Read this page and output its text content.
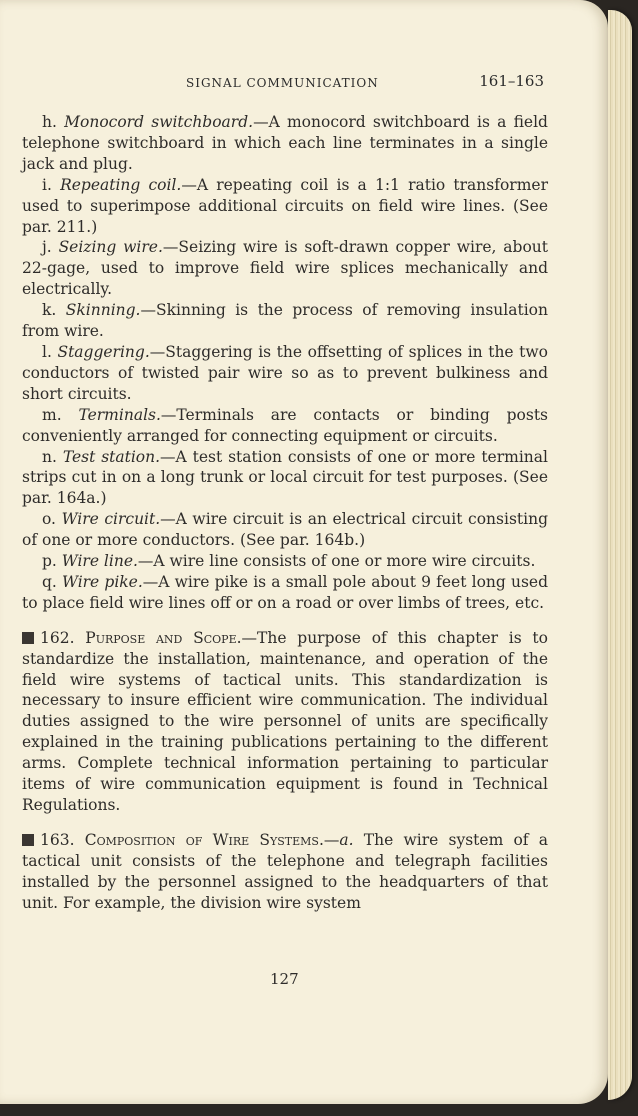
SIGNAL COMMUNICATION	161–163

h. Monocord switchboard.—A monocord switchboard is a field telephone switchboard in which each line terminates in a single jack and plug.

i. Repeating coil.—A repeating coil is a 1:1 ratio transformer used to superimpose additional circuits on field wire lines. (See par. 211.)

j. Seizing wire.—Seizing wire is soft-drawn copper wire, about 22-gage, used to improve field wire splices mechanically and electrically.

k. Skinning.—Skinning is the process of removing insulation from wire.

l. Staggering.—Staggering is the offsetting of splices in the two conductors of twisted pair wire so as to prevent bulkiness and short circuits.

m. Terminals.—Terminals are contacts or binding posts conveniently arranged for connecting equipment or circuits.

n. Test station.—A test station consists of one or more terminal strips cut in on a long trunk or local circuit for test purposes. (See par. 164a.)

o. Wire circuit.—A wire circuit is an electrical circuit consisting of one or more conductors. (See par. 164b.)

p. Wire line.—A wire line consists of one or more wire circuits.

q. Wire pike.—A wire pike is a small pole about 9 feet long used to place field wire lines off or on a road or over limbs of trees, etc.

162. Purpose and Scope.—The purpose of this chapter is to standardize the installation, maintenance, and operation of the field wire systems of tactical units. This standardization is necessary to insure efficient wire communication. The individual duties assigned to the wire personnel of units are specifically explained in the training publications pertaining to the different arms. Complete technical information pertaining to particular items of wire communication equipment is found in Technical Regulations.

163. Composition of Wire Systems.—a. The wire system of a tactical unit consists of the telephone and telegraph facilities installed by the personnel assigned to the headquarters of that unit. For example, the division wire system

127
